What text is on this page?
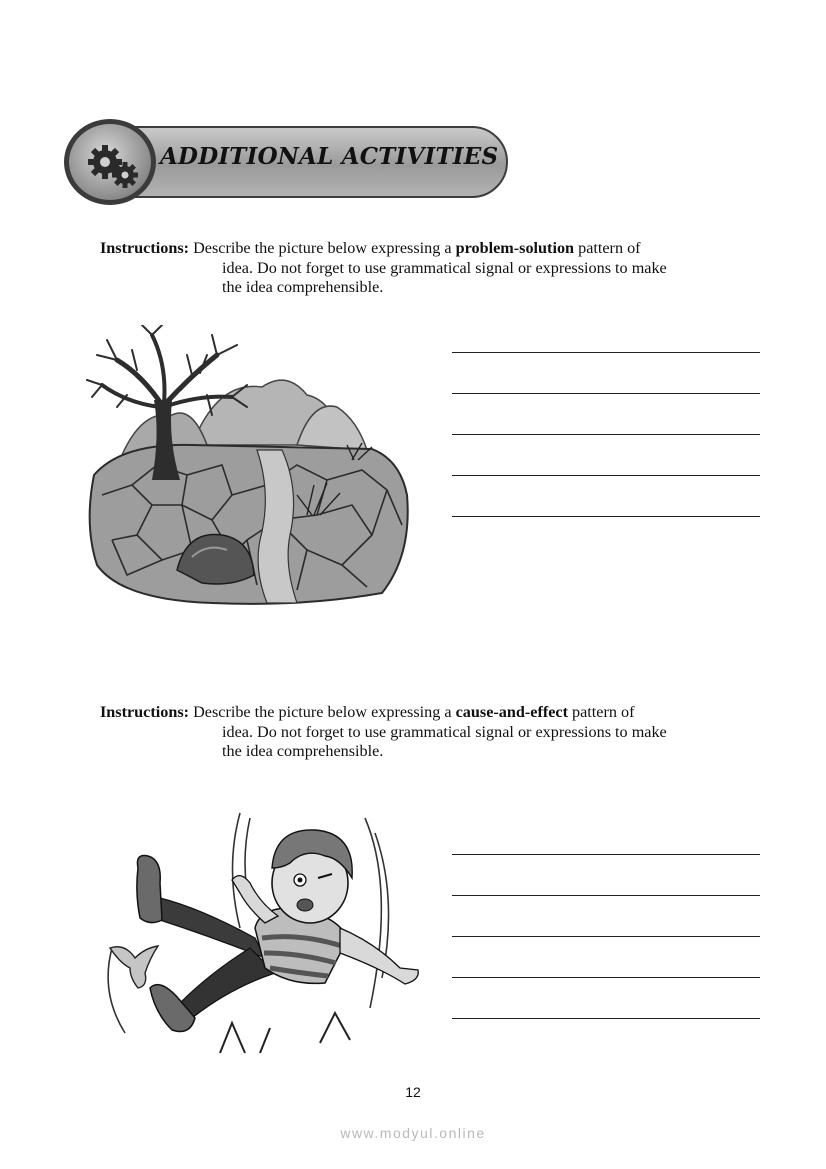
ADDITIONAL ACTIVITIES
Instructions: Describe the picture below expressing a problem-solution pattern of
idea. Do not forget to use grammatical signal or expressions to make
the idea comprehensible.
Instructions: Describe the picture below expressing a cause-and-effect pattern of
idea. Do not forget to use grammatical signal or expressions to make
the idea comprehensible.
12
www.modyul.online
